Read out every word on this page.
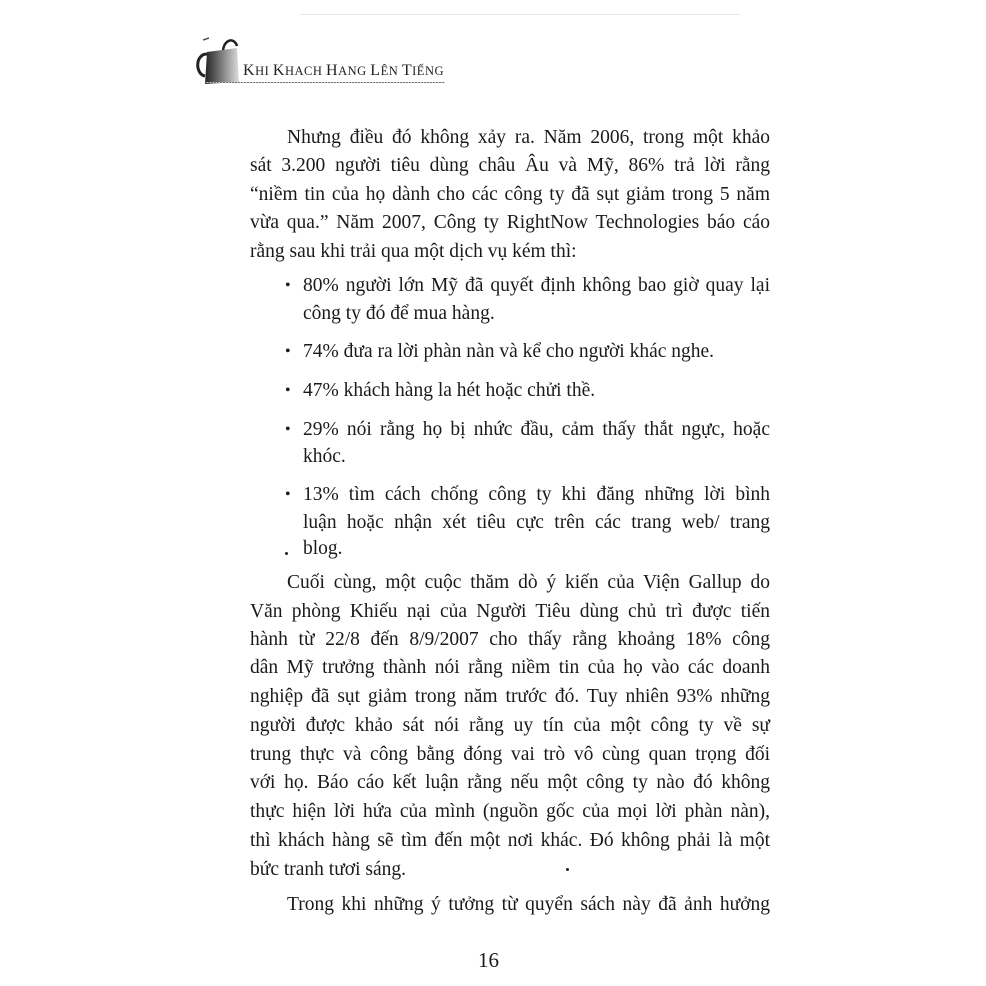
KHI KHACH HANG LÊN TIẾNG
Nhưng điều đó không xảy ra. Năm 2006, trong một khảo
sát 3.200 người tiêu dùng châu Âu và Mỹ, 86% trả lời rằng
“niềm tin của họ dành cho các công ty đã sụt giảm trong 5 năm
vừa qua.” Năm 2007, Công ty RightNow Technologies báo cáo
rằng sau khi trải qua một dịch vụ kém thì:
• 80% người lớn Mỹ đã quyết định không bao giờ quay lại
công ty đó để mua hàng.
• 74% đưa ra lời phàn nàn và kể cho người khác nghe.
• 47% khách hàng la hét hoặc chửi thề.
• 29% nói rằng họ bị nhức đầu, cảm thấy thắt ngực, hoặc
khóc.
• 13% tìm cách chống công ty khi đăng những lời bình
luận hoặc nhận xét tiêu cực trên các trang web/ trang
blog.
Cuối cùng, một cuộc thăm dò ý kiến của Viện Gallup do
Văn phòng Khiếu nại của Người Tiêu dùng chủ trì được tiến
hành từ 22/8 đến 8/9/2007 cho thấy rằng khoảng 18% công
dân Mỹ trưởng thành nói rằng niềm tin của họ vào các doanh
nghiệp đã sụt giảm trong năm trước đó. Tuy nhiên 93% những
người được khảo sát nói rằng uy tín của một công ty về sự
trung thực và công bằng đóng vai trò vô cùng quan trọng đối
với họ. Báo cáo kết luận rằng nếu một công ty nào đó không
thực hiện lời hứa của mình (nguồn gốc của mọi lời phàn nàn),
thì khách hàng sẽ tìm đến một nơi khác. Đó không phải là một
bức tranh tươi sáng.
Trong khi những ý tưởng từ quyển sách này đã ảnh hưởng
16
